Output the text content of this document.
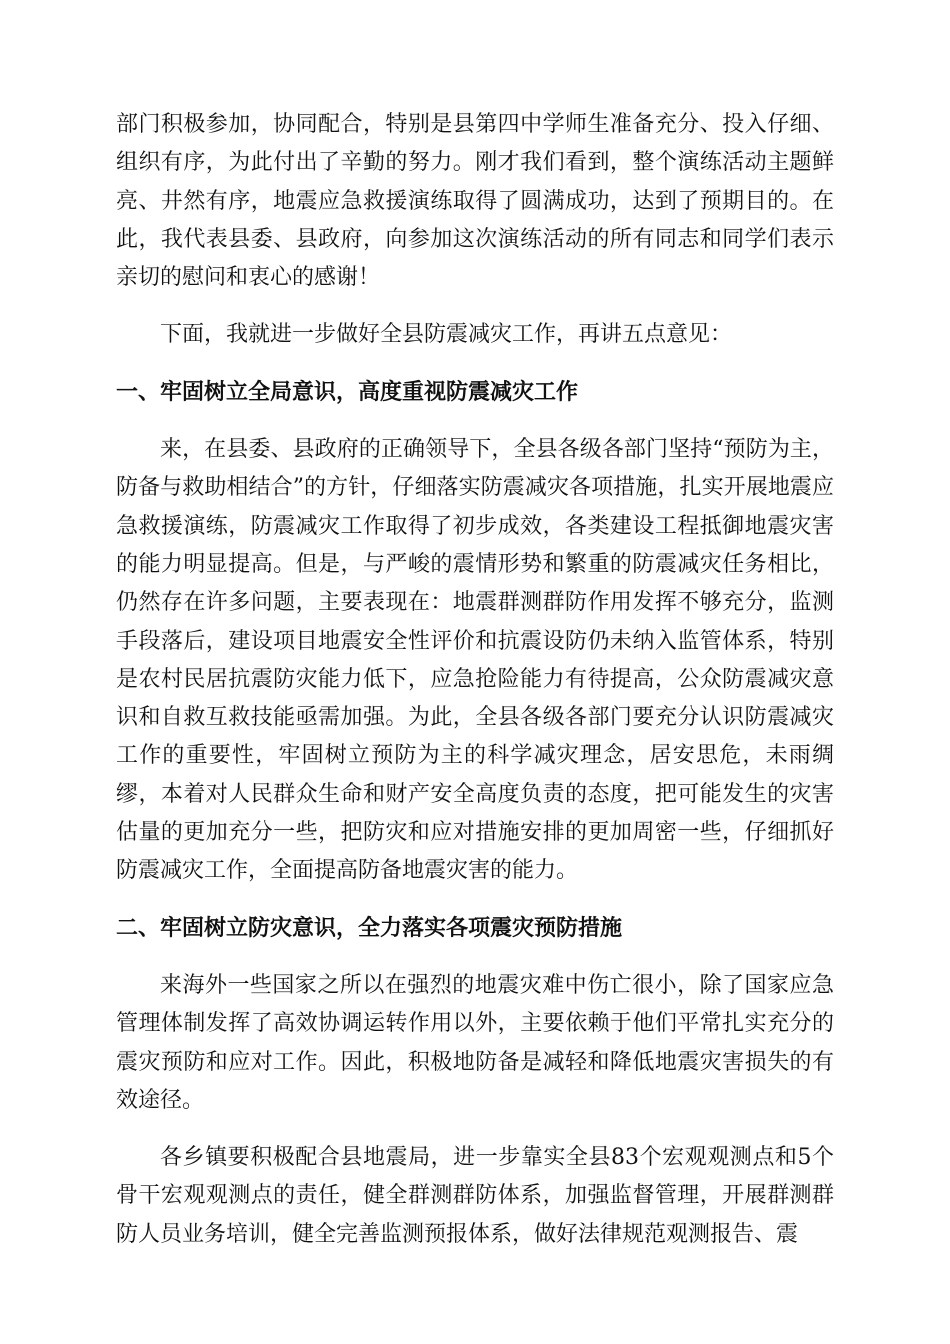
部门积极参加，协同配合，特别是县第四中学师生准备充分、投入仔细、组织有序，为此付出了辛勤的努力。刚才我们看到，整个演练活动主题鲜亮、井然有序，地震应急救援演练取得了圆满成功，达到了预期目的。在此，我代表县委、县政府，向参加这次演练活动的所有同志和同学们表示亲切的慰问和衷心的感谢！

下面，我就进一步做好全县防震减灾工作，再讲五点意见：

一、牢固树立全局意识，高度重视防震减灾工作

来，在县委、县政府的正确领导下，全县各级各部门坚持“预防为主，防备与救助相结合”的方针，仔细落实防震减灾各项措施，扎实开展地震应急救援演练，防震减灾工作取得了初步成效，各类建设工程抵御地震灾害的能力明显提高。但是，与严峻的震情形势和繁重的防震减灾任务相比，仍然存在许多问题，主要表现在：地震群测群防作用发挥不够充分，监测手段落后，建设项目地震安全性评价和抗震设防仍未纳入监管体系，特别是农村民居抗震防灾能力低下，应急抢险能力有待提高，公众防震减灾意识和自救互救技能亟需加强。为此，全县各级各部门要充分认识防震减灾工作的重要性，牢固树立预防为主的科学减灾理念，居安思危，未雨绸缪，本着对人民群众生命和财产安全高度负责的态度，把可能发生的灾害估量的更加充分一些，把防灾和应对措施安排的更加周密一些，仔细抓好防震减灾工作，全面提高防备地震灾害的能力。

二、牢固树立防灾意识，全力落实各项震灾预防措施

来海外一些国家之所以在强烈的地震灾难中伤亡很小，除了国家应急管理体制发挥了高效协调运转作用以外，主要依赖于他们平常扎实充分的震灾预防和应对工作。因此，积极地防备是减轻和降低地震灾害损失的有效途径。

各乡镇要积极配合县地震局，进一步靠实全县83个宏观观测点和5个骨干宏观观测点的责任，健全群测群防体系，加强监督管理，开展群测群防人员业务培训，健全完善监测预报体系，做好法律规范观测报告、震
